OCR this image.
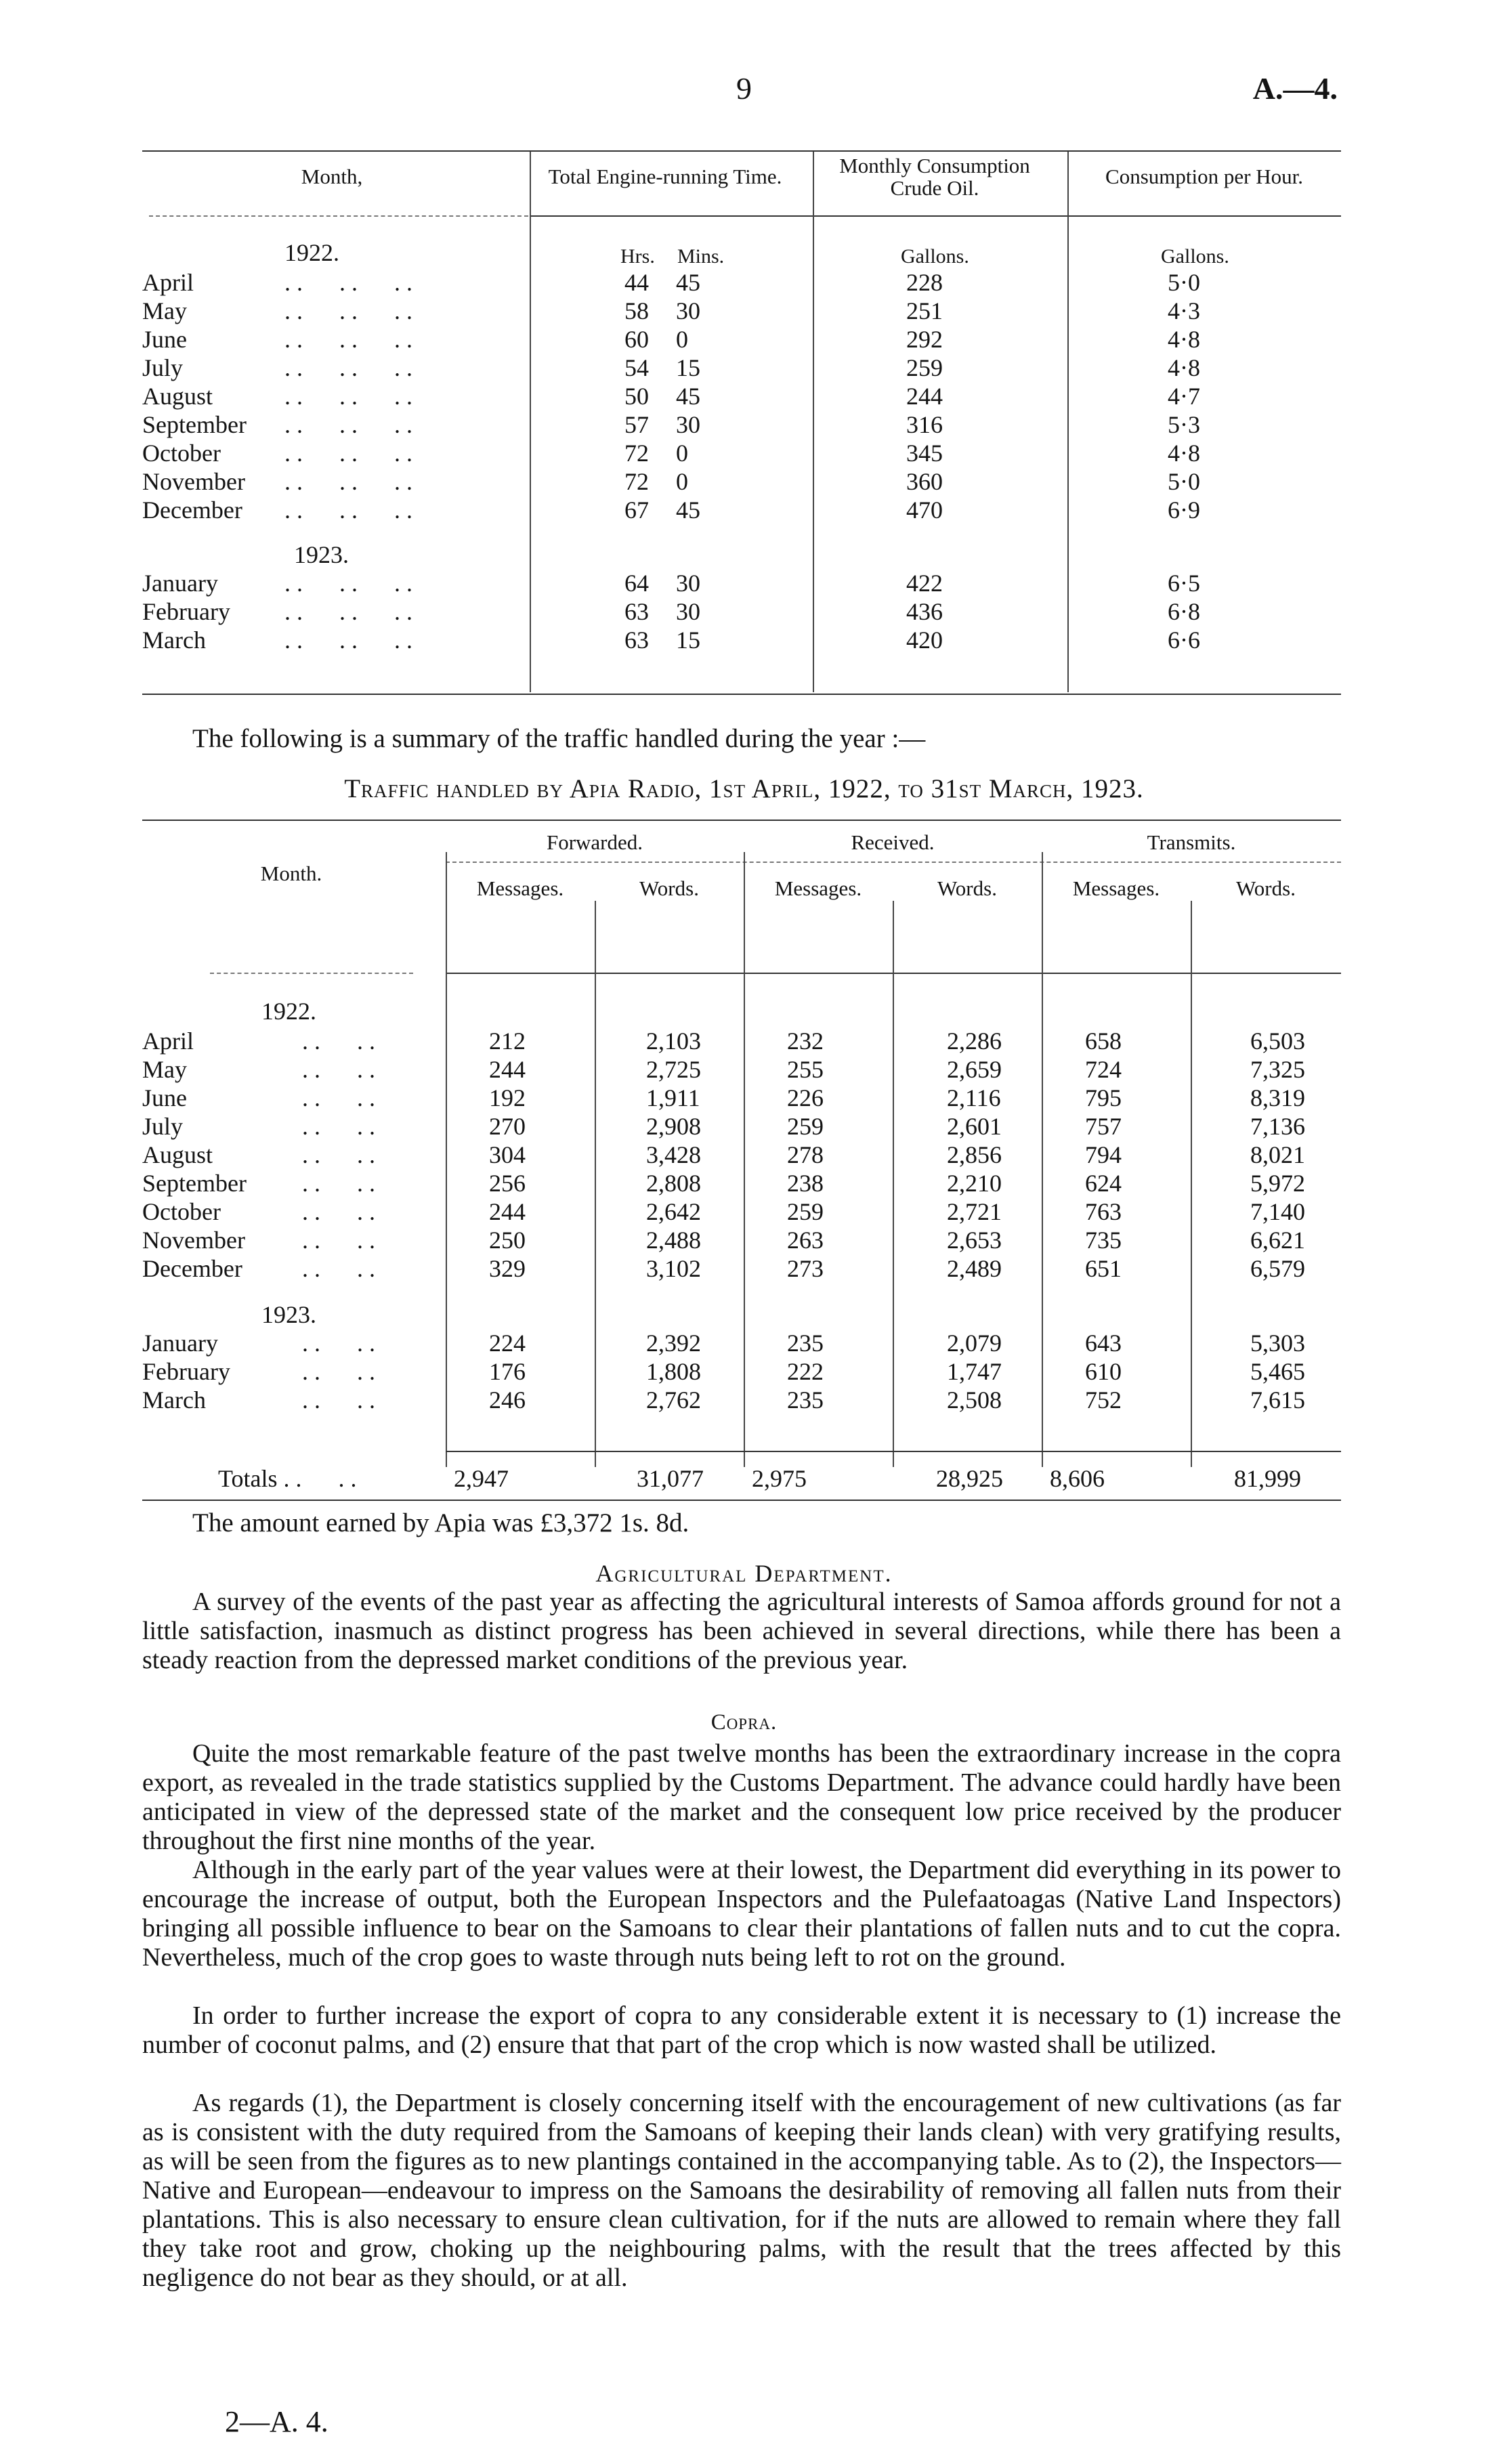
9	A.—4.
Month,	Total Engine-running Time.	Monthly Consumption
Crude Oil.	Consumption per Hour.
1922.	Hrs. Mins.	Gallons.	Gallons.
April	. .      . .      . .	44 45	228	5·0
May	. .      . .      . .	58 30	251	4·3
June	. .      . .      . .	60 0	292	4·8
July	. .      . .      . .	54 15	259	4·8
August	. .      . .      . .	50 45	244	4·7
September . .      . .      . .	57 30	316	5·3
October	. .      . .      . .	72 0	345	4·8
November . .      . .      . .	72 0	360	5·0
December . .      . .      . .	67 45	470	6·9
January	. .      . .      . .	64 30	422	6·5
February . .      . .      . .	63 30	436	6·8
March	. .      . .      . .	63 15	420	6·6
1923.
The following is a summary of the traffic handled during the year :—
Traffic handled by Apia Radio, 1st April, 1922, to 31st March, 1923.
Month.
Forwarded.	Received.	Transmits.
Messages.	Words.	Messages.	Words.	Messages.	Words.
1922.
April	. .      . .	212	2,103	232	2,286	658	6,503
May	. .      . .	244	2,725	255	2,659	724	7,325
June	. .      . .	192	1,911	226	2,116	795	8,319
July	. .      . .	270	2,908	259	2,601	757	7,136
August	. .      . .	304	3,428	278	2,856	794	8,021
September . .      . .	256	2,808	238	2,210	624	5,972
October	. .      . .	244	2,642	259	2,721	763	7,140
November . .      . .	250	2,488	263	2,653	735	6,621
December . .      . .	329	3,102	273	2,489	651	6,579
January	. .      . .	224	2,392	235	2,079	643	5,303
February	. .      . .	176	1,808	222	1,747	610	5,465
March	. .      . .	246	2,762	235	2,508	752	7,615
1923.
Totals . .      . .	2,947	31,077 2,975	28,925 8,606	81,999
The amount earned by Apia was £3,372 1s. 8d.
Agricultural Department.

A survey of the events of the past year as affecting the agricultural interests of Samoa affords ground for not a little satisfaction, inasmuch as distinct progress has been achieved in several directions, while there has been a steady reaction from the depressed market conditions of the previous year.

Copra.

Quite the most remarkable feature of the past twelve months has been the extraordinary increase in the copra export, as revealed in the trade statistics supplied by the Customs Department. The advance could hardly have been anticipated in view of the depressed state of the market and the consequent low price received by the producer throughout the first nine months of the year.

Although in the early part of the year values were at their lowest, the Department did everything in its power to encourage the increase of output, both the European Inspectors and the Pulefaatoagas (Native Land Inspectors) bringing all possible influence to bear on the Samoans to clear their plantations of fallen nuts and to cut the copra. Nevertheless, much of the crop goes to waste through nuts being left to rot on the ground.

In order to further increase the export of copra to any considerable extent it is necessary to (1) increase the number of coconut palms, and (2) ensure that that part of the crop which is now wasted shall be utilized.

As regards (1), the Department is closely concerning itself with the encouragement of new cultivations (as far as is consistent with the duty required from the Samoans of keeping their lands clean) with very gratifying results, as will be seen from the figures as to new plantings contained in the accompanying table. As to (2), the Inspectors—Native and European—endeavour to impress on the Samoans the desirability of removing all fallen nuts from their plantations. This is also necessary to ensure clean cultivation, for if the nuts are allowed to remain where they fall they take root and grow, choking up the neighbouring palms, with the result that the trees affected by this negligence do not bear as they should, or at all.

2—A. 4.
